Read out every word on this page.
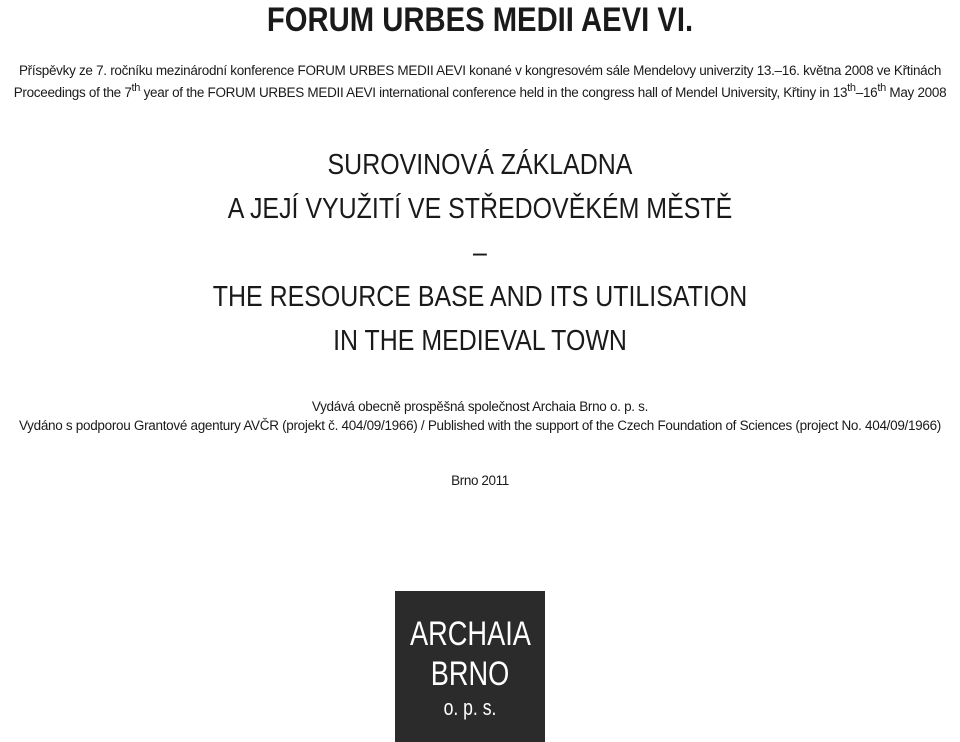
FORUM URBES MEDII AEVI VI.

Příspěvky ze 7. ročníku mezinárodní konference FORUM URBES MEDII AEVI konané v kongresovém sále Mendelovy univerzity 13.–16. května 2008 ve Křtinách

Proceedings of the 7th year of the FORUM URBES MEDII AEVI international conference held in the congress hall of Mendel University, Křtiny in 13th–16th May 2008

SUROVINOVÁ ZÁKLADNA
A JEJÍ VYUŽITÍ VE STŘEDOVĚKÉM MĚSTĚ
–
THE RESOURCE BASE AND ITS UTILISATION
IN THE MEDIEVAL TOWN

Vydává obecně prospěšná společnost Archaia Brno o. p. s.

Vydáno s podporou Grantové agentury AVČR (projekt č. 404/09/1966) / Published with the support of the Czech Foundation of Sciences (project No. 404/09/1966)

Brno 2011

ARCHAIA
BRNO
o. p. s.
